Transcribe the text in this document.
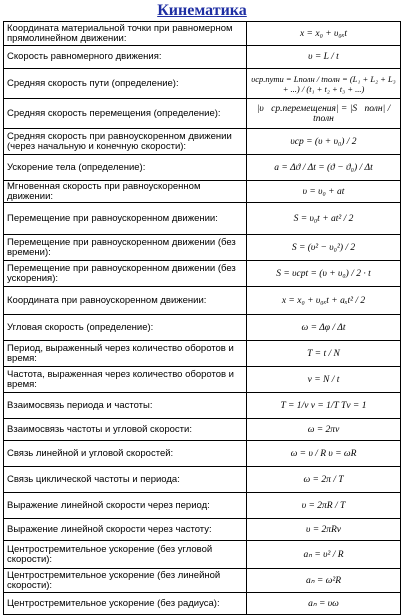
Кинематика
Координата материальной точки при равномерном прямолинейном движении:	x = x₀ + υ₀ₓt
Скорость равномерного движения:	υ = L / t
Средняя скорость пути (определение):	υср.пути = Lполн / tполн = (L₁ + L₂ + L₃ + ...) / (t₁ + t₂ + t₃ + ...)
Средняя скорость перемещения (определение):	|υ⃗ср.перемещения| = |S⃗полн| / tполн
Средняя скорость при равноускоренном движении (через начальную и конечную скорости):	υср = (υ + υ₀) / 2
Ускорение тела (определение):	a = Δϑ / Δt = (ϑ − ϑ₀) / Δt
Мгновенная скорость при равноускоренном движении:	υ = υ₀ + at
Перемещение при равноускоренном движении:	S = υ₀t + at² / 2
Перемещение при равноускоренном движении (без времени):	S = (υ² − υ₀²) / 2
Перемещение при равноускоренном движении (без ускорения):	S = υсрt = (υ + υ₀) / 2 · t
Координата при равноускоренном движении:	x = x₀ + υ₀ₓt + aₓt² / 2
Угловая скорость (определение):	ω = Δφ / Δt
Период, выраженный через количество оборотов и время:	T = t / N
Частота, выраженная через количество оборотов и время:	ν = N / t
Взаимосвязь периода и частоты:	T = 1/ν ν = 1/T Tν = 1
Взаимосвязь частоты и угловой скорости:	ω = 2πν
Связь линейной и угловой скоростей:	ω = υ / R υ = ωR
Связь циклической частоты и периода:	ω = 2π / T
Выражение линейной скорости через период:	υ = 2πR / T
Выражение линейной скорости через частоту:	υ = 2πRν
Центростремительное ускорение (без угловой скорости):	aₙ = υ² / R
Центростремительное ускорение (без линейной скорости):	aₙ = ω²R
Центростремительное ускорение (без радиуса):	aₙ = υω
